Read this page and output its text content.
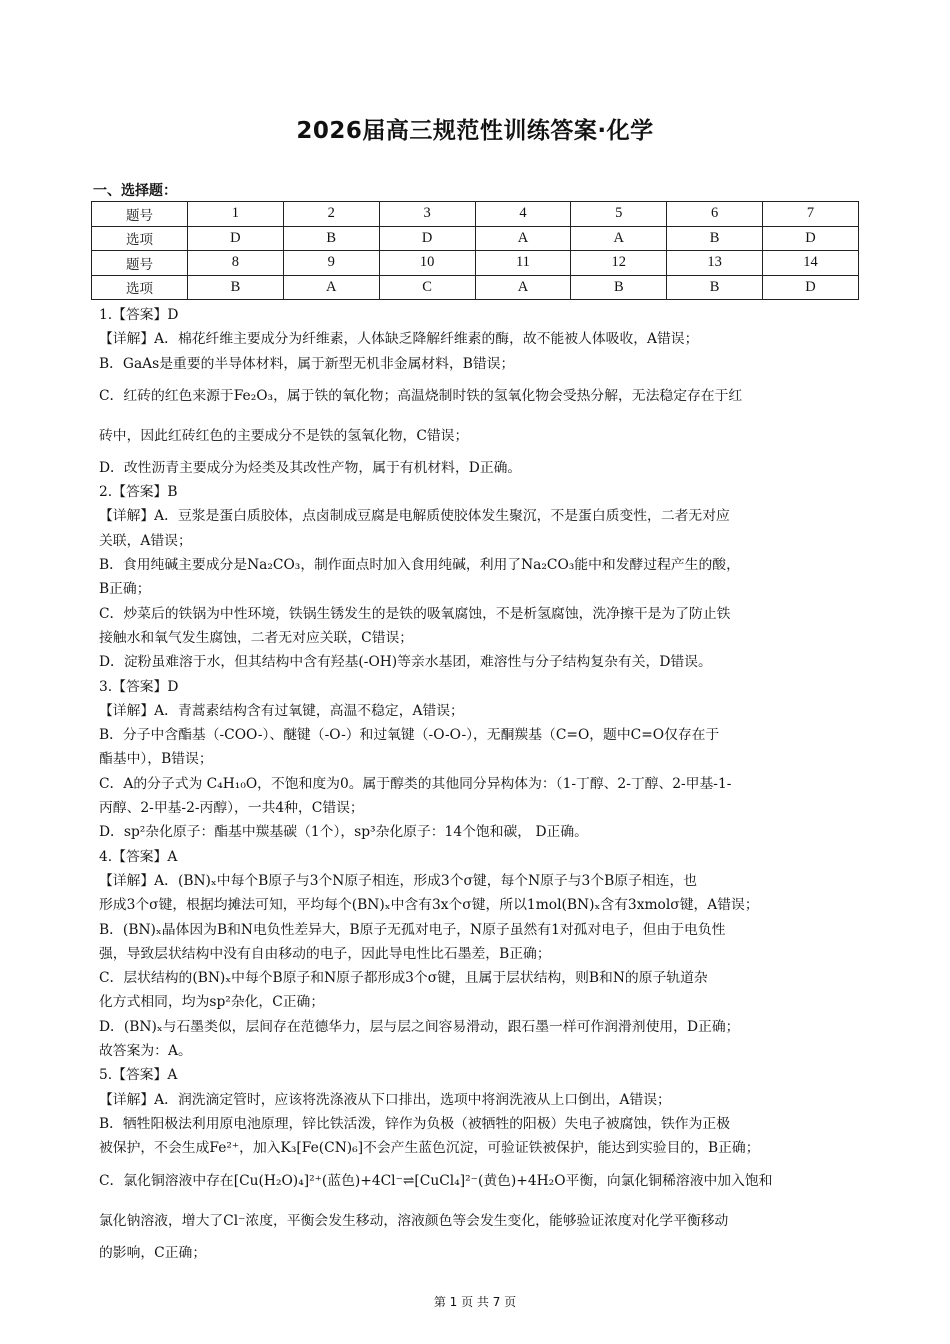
2026届高三规范性训练答案·化学
一、选择题：
题号	1	2	3	4	5	6	7
选项	D	B	D	A	A	B	D
题号	8	9	10	11	12	13	14
选项	B	A	C	A	B	B	D
1.【答案】D
【详解】A．棉花纤维主要成分为纤维素，人体缺乏降解纤维素的酶，故不能被人体吸收，A错误；
B．GaAs是重要的半导体材料，属于新型无机非金属材料，B错误；
C．红砖的红色来源于Fe₂O₃，属于铁的氧化物；高温烧制时铁的氢氧化物会受热分解，无法稳定存在于红
砖中，因此红砖红色的主要成分不是铁的氢氧化物，C错误；
D．改性沥青主要成分为烃类及其改性产物，属于有机材料，D正确。
2.【答案】B
【详解】A．豆浆是蛋白质胶体，点卤制成豆腐是电解质使胶体发生聚沉，不是蛋白质变性，二者无对应
关联，A错误；
B．食用纯碱主要成分是Na₂CO₃，制作面点时加入食用纯碱，利用了Na₂CO₃能中和发酵过程产生的酸，
B正确；
C．炒菜后的铁锅为中性环境，铁锅生锈发生的是铁的吸氧腐蚀，不是析氢腐蚀，洗净擦干是为了防止铁
接触水和氧气发生腐蚀，二者无对应关联，C错误；
D．淀粉虽难溶于水，但其结构中含有羟基(-OH)等亲水基团，难溶性与分子结构复杂有关，D错误。
3.【答案】D
【详解】A．青蒿素结构含有过氧键，高温不稳定，A错误；
B．分子中含酯基（-COO-）、醚键（-O-）和过氧键（-O-O-），无酮羰基（C=O，题中C=O仅存在于
酯基中），B错误；
C．A的分子式为 C₄H₁₀O，不饱和度为0。属于醇类的其他同分异构体为：（1-丁醇、2-丁醇、2-甲基-1-
丙醇、2-甲基-2-丙醇），一共4种，C错误；
D．sp²杂化原子：酯基中羰基碳（1个），sp³杂化原子：14个饱和碳， D正确。
4.【答案】A
【详解】A．(BN)ₓ中每个B原子与3个N原子相连，形成3个σ键，每个N原子与3个B原子相连，也
形成3个σ键，根据均摊法可知，平均每个(BN)ₓ中含有3x个σ键，所以1mol(BN)ₓ含有3xmolσ键，A错误；
B．(BN)ₓ晶体因为B和N电负性差异大，B原子无孤对电子，N原子虽然有1对孤对电子，但由于电负性
强，导致层状结构中没有自由移动的电子，因此导电性比石墨差，B正确；
C．层状结构的(BN)ₓ中每个B原子和N原子都形成3个σ键，且属于层状结构，则B和N的原子轨道杂
化方式相同，均为sp²杂化，C正确；
D．(BN)ₓ与石墨类似，层间存在范德华力，层与层之间容易滑动，跟石墨一样可作润滑剂使用，D正确；
故答案为：A。
5.【答案】A
【详解】A．润洗滴定管时，应该将洗涤液从下口排出，选项中将润洗液从上口倒出，A错误；
B．牺牲阳极法利用原电池原理，锌比铁活泼，锌作为负极（被牺牲的阳极）失电子被腐蚀，铁作为正极
被保护，不会生成Fe²⁺，加入K₃[Fe(CN)₆]不会产生蓝色沉淀，可验证铁被保护，能达到实验目的，B正确；
C．氯化铜溶液中存在[Cu(H₂O)₄]²⁺(蓝色)+4Cl⁻⇌[CuCl₄]²⁻(黄色)+4H₂O平衡，向氯化铜稀溶液中加入饱和
氯化钠溶液，增大了Cl⁻浓度，平衡会发生移动，溶液颜色等会发生变化，能够验证浓度对化学平衡移动
的影响，C正确；
第 1 页 共 7 页
